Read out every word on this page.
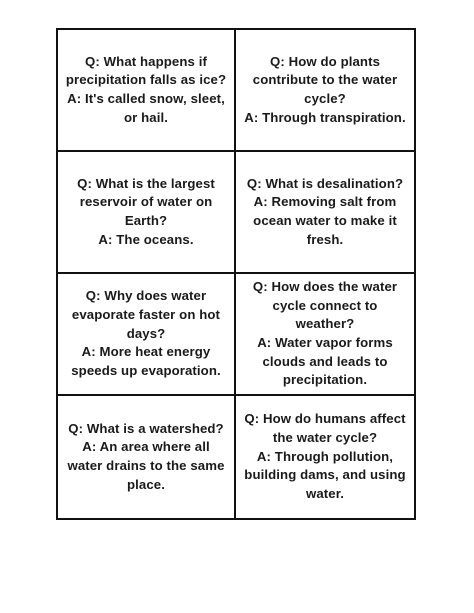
Q: What happens if precipitation falls as ice?
A: It's called snow, sleet, or hail.
Q: How do plants contribute to the water cycle?
A: Through transpiration.
Q: What is the largest reservoir of water on Earth?
A: The oceans.
Q: What is desalination?
A: Removing salt from ocean water to make it fresh.
Q: Why does water evaporate faster on hot days?
A: More heat energy speeds up evaporation.
Q: How does the water cycle connect to weather?
A: Water vapor forms clouds and leads to precipitation.
Q: What is a watershed?
A: An area where all water drains to the same place.
Q: How do humans affect the water cycle?
A: Through pollution, building dams, and using water.
